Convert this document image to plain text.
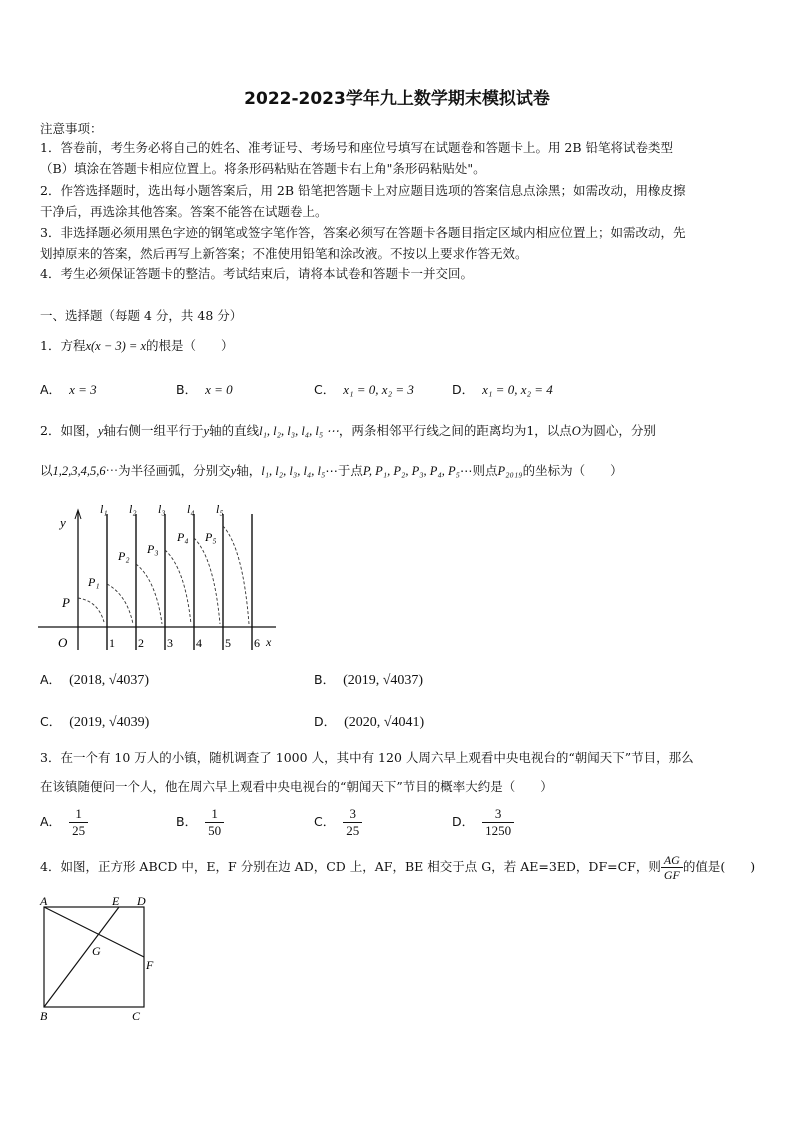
2022-2023学年九上数学期末模拟试卷
注意事项：
1．答卷前，考生务必将自己的姓名、准考证号、考场号和座位号填写在试题卷和答题卡上。用 2B 铅笔将试卷类型
（B）填涂在答题卡相应位置上。将条形码粘贴在答题卡右上角"条形码粘贴处"。
2．作答选择题时，选出每小题答案后，用 2B 铅笔把答题卡上对应题目选项的答案信息点涂黑；如需改动，用橡皮擦
干净后，再选涂其他答案。答案不能答在试题卷上。
3．非选择题必须用黑色字迹的钢笔或签字笔作答，答案必须写在答题卡各题目指定区域内相应位置上；如需改动，先
划掉原来的答案，然后再写上新答案；不准使用铅笔和涂改液。不按以上要求作答无效。
4．考生必须保证答题卡的整洁。考试结束后，请将本试卷和答题卡一并交回。
一、选择题（每题 4 分，共 48 分）
1．方程x(x − 3) = x的根是（　　）
A． x = 3	B． x = 0	C． x₁ = 0, x₂ = 3	D． x₁ = 0, x₂ = 4
2．如图，y轴右侧一组平行于y轴的直线l₁, l₂, l₃, l₄, l₅ ⋯，两条相邻平行线之间的距离均为1，以点O为圆心，分别
以1,2,3,4,5,6⋯为半径画弧，分别交y轴，l₁, l₂, l₃, l₄, l₅⋯于点P, P₁, P₂, P₃, P₄, P₅⋯则点P₂₀₁₉的坐标为（　　）
y
x
O
P
l₁ l₂ l₃ l₄ l₅
P₁
P₂ P₃
P₄ P₅
1 2 3 4 5 6
A． (2018, √4037)	B． (2019, √4037)
C． (2019, √4039)	D． (2020, √4041)
3．在一个有 10 万人的小镇，随机调查了 1000 人，其中有 120 人周六早上观看中央电视台的“朝闻天下”节目，那么
在该镇随便问一个人，他在周六早上观看中央电视台的“朝闻天下”节目的概率大约是（　　）
A． $\frac{1}{25}$	B． $\frac{1}{50}$	C． $\frac{3}{25}$	D． $\frac{3}{1250}$
4．如图，正方形 ABCD 中，E，F 分别在边 AD，CD 上，AF，BE 相交于点 G，若 AE=3ED，DF=CF，则 $\frac{AG}{GF}$ 的值是(　　)
A	E D
G
F
B	C
